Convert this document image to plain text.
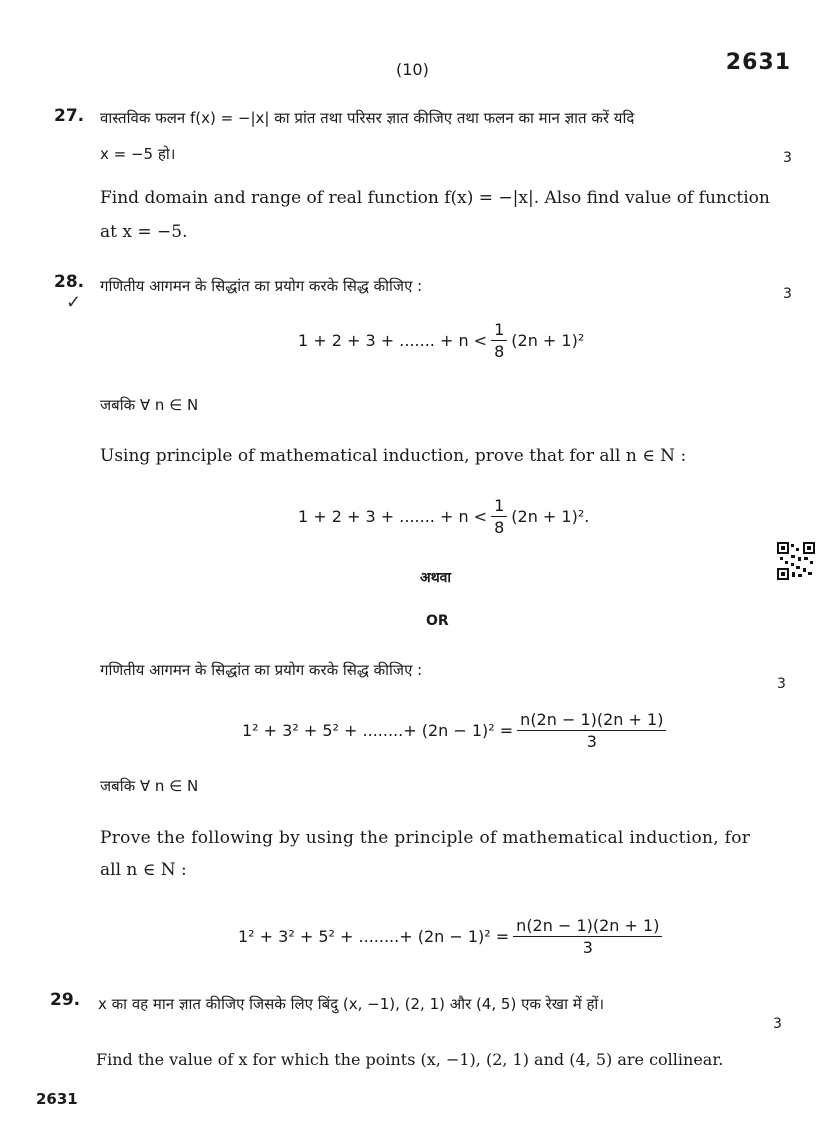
(10)	2631
27. वास्तविक फलन f(x) = −|x| का प्रांत तथा परिसर ज्ञात कीजिए तथा फलन का मान ज्ञात करें यदि
x = −5 हो।	3
Find domain and range of real function f(x) = −|x|. Also find value of function
at x = −5.
28.
✓
गणितीय आगमन के सिद्धांत का प्रयोग करके सिद्ध कीजिए :	3
1 + 2 + 3 + ....... + $n < \frac{1}{8} (2n + 1)^2$
जबकि ∀ n ∈ N
Using principle of mathematical induction, prove that for all n ∈ N :
1 + 2 + 3 + ....... + $n < \frac{1}{8} (2n + 1)^2$.
अथवा
OR
गणितीय आगमन के सिद्धांत का प्रयोग करके सिद्ध कीजिए :
3
1² + 3² + 5² + ........+ $(2n - 1)^2 = \frac{n(2n - 1)(2n + 1)}{3}$
जबकि ∀ n ∈ N
Prove the following by using the principle of mathematical induction, for
all n ∈ N :
1² + 3² + 5² + ........+ $(2n - 1)^2 = \frac{n(2n - 1)(2n + 1)}{3}$
29. x का वह मान ज्ञात कीजिए जिसके लिए बिंदु (x, −1), (2, 1) और (4, 5) एक रेखा में हों।
3
Find the value of x for which the points (x, −1), (2, 1) and (4, 5) are collinear.
2631
